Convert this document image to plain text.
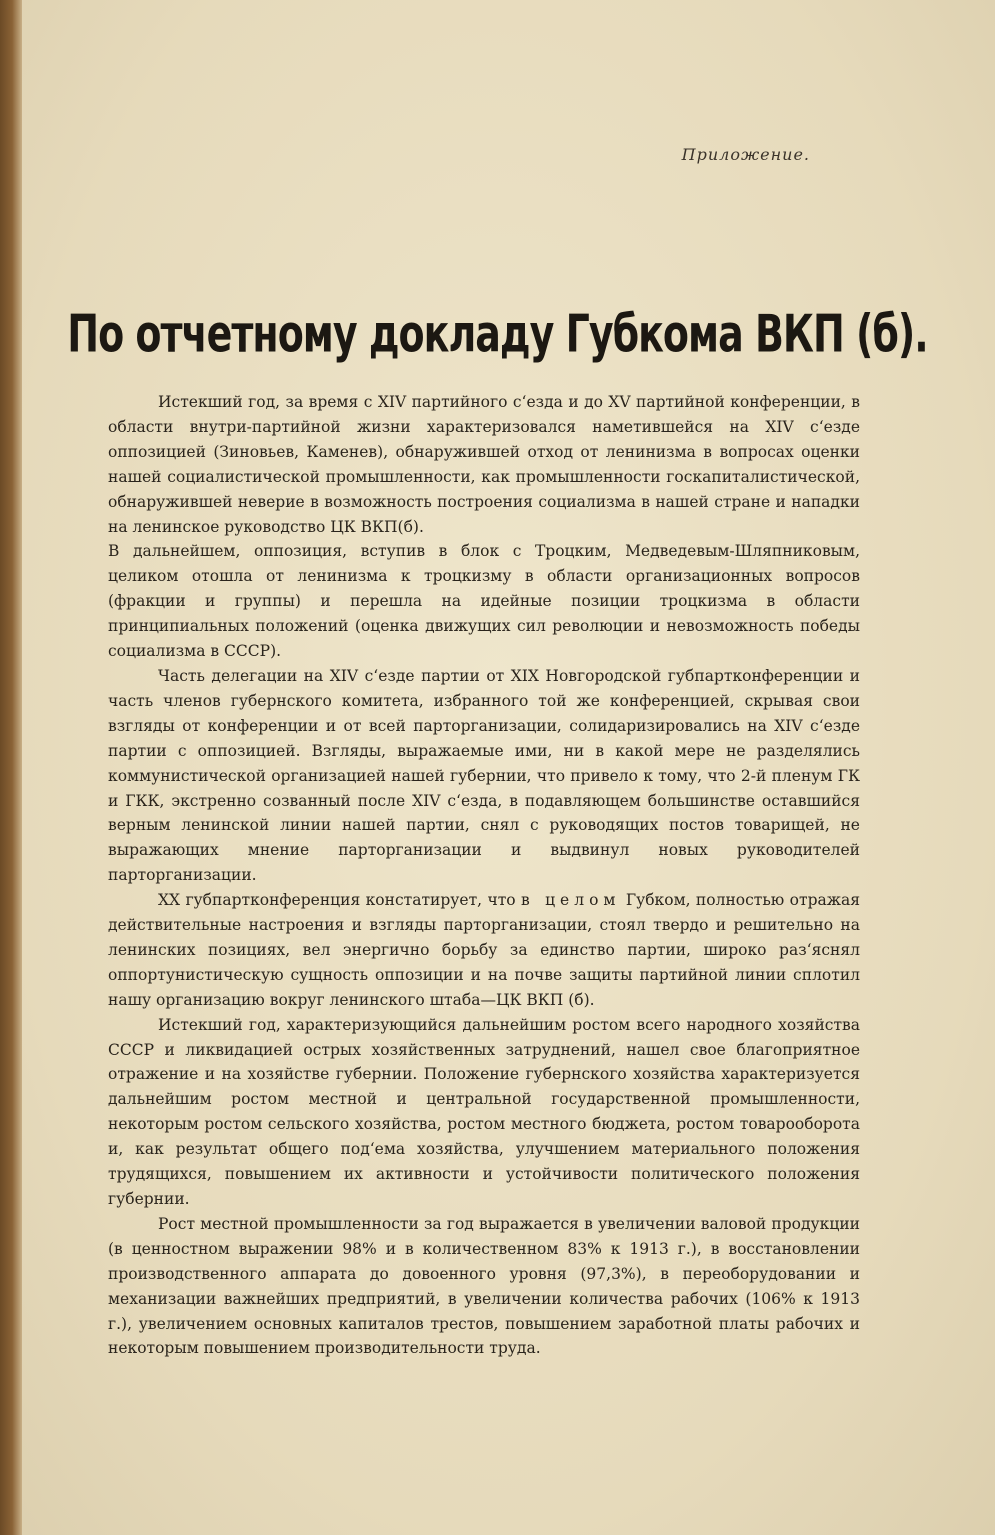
Приложение.
По отчетному докладу Губкома ВКП (б).

Истекший год, за время с XIV партийного с‘езда и до XV партийной конференции, в области внутри-партийной жизни характеризовался наметившейся на XIV с‘езде оппозицией (Зиновьев, Каменев), обнаружившей отход от ленинизма в вопросах оценки нашей социалистической промышленности, как промышленности госкапиталистической, обнаружившей неверие в возможность построения социализма в нашей стране и нападки на ленинское руководство ЦК ВКП(б).

В дальнейшем, оппозиция, вступив в блок с Троцким, Медведевым-Шляпниковым, целиком отошла от ленинизма к троцкизму в области организационных вопросов (фракции и группы) и перешла на идейные позиции троцкизма в области принципиальных положений (оценка движущих сил революции и невозможность победы социализма в СССР).

Часть делегации на XIV с‘езде партии от XIX Новгородской губпартконференции и часть членов губернского комитета, избранного той же конференцией, скрывая свои взгляды от конференции и от всей парторганизации, солидаризировались на XIV с‘езде партии с оппозицией. Взгляды, выражаемые ими, ни в какой мере не разделялись коммунистической организацией нашей губернии, что привело к тому, что 2-й пленум ГК и ГКК, экстренно созванный после XIV с‘езда, в подавляющем большинстве оставшийся верным ленинской линии нашей партии, снял с руководящих постов товарищей, не выражающих мнение парторганизации и выдвинул новых руководителей парторганизации.

XX губпартконференция констатирует, что в целом Губком, полностью отражая действительные настроения и взгляды парторганизации, стоял твердо и решительно на ленинских позициях, вел энергично борьбу за единство партии, широко раз‘яснял оппортунистическую сущность оппозиции и на почве защиты партийной линии сплотил нашу организацию вокруг ленинского штаба—ЦК ВКП (б).

Истекший год, характеризующийся дальнейшим ростом всего народного хозяйства СССР и ликвидацией острых хозяйственных затруднений, нашел свое благоприятное отражение и на хозяйстве губернии. Положение губернского хозяйства характеризуется дальнейшим ростом местной и центральной государственной промышленности, некоторым ростом сельского хозяйства, ростом местного бюджета, ростом товарооборота и, как результат общего под‘ема хозяйства, улучшением материального положения трудящихся, повышением их активности и устойчивости политического положения губернии.

Рост местной промышленности за год выражается в увеличении валовой продукции (в ценностном выражении 98% и в количественном 83% к 1913 г.), в восстановлении производственного аппарата до довоенного уровня (97,3%), в переоборудовании и механизации важнейших предприятий, в увеличении количества рабочих (106% к 1913 г.), увеличением основных капиталов трестов, повышением заработной платы рабочих и некоторым повышением производительности труда.
